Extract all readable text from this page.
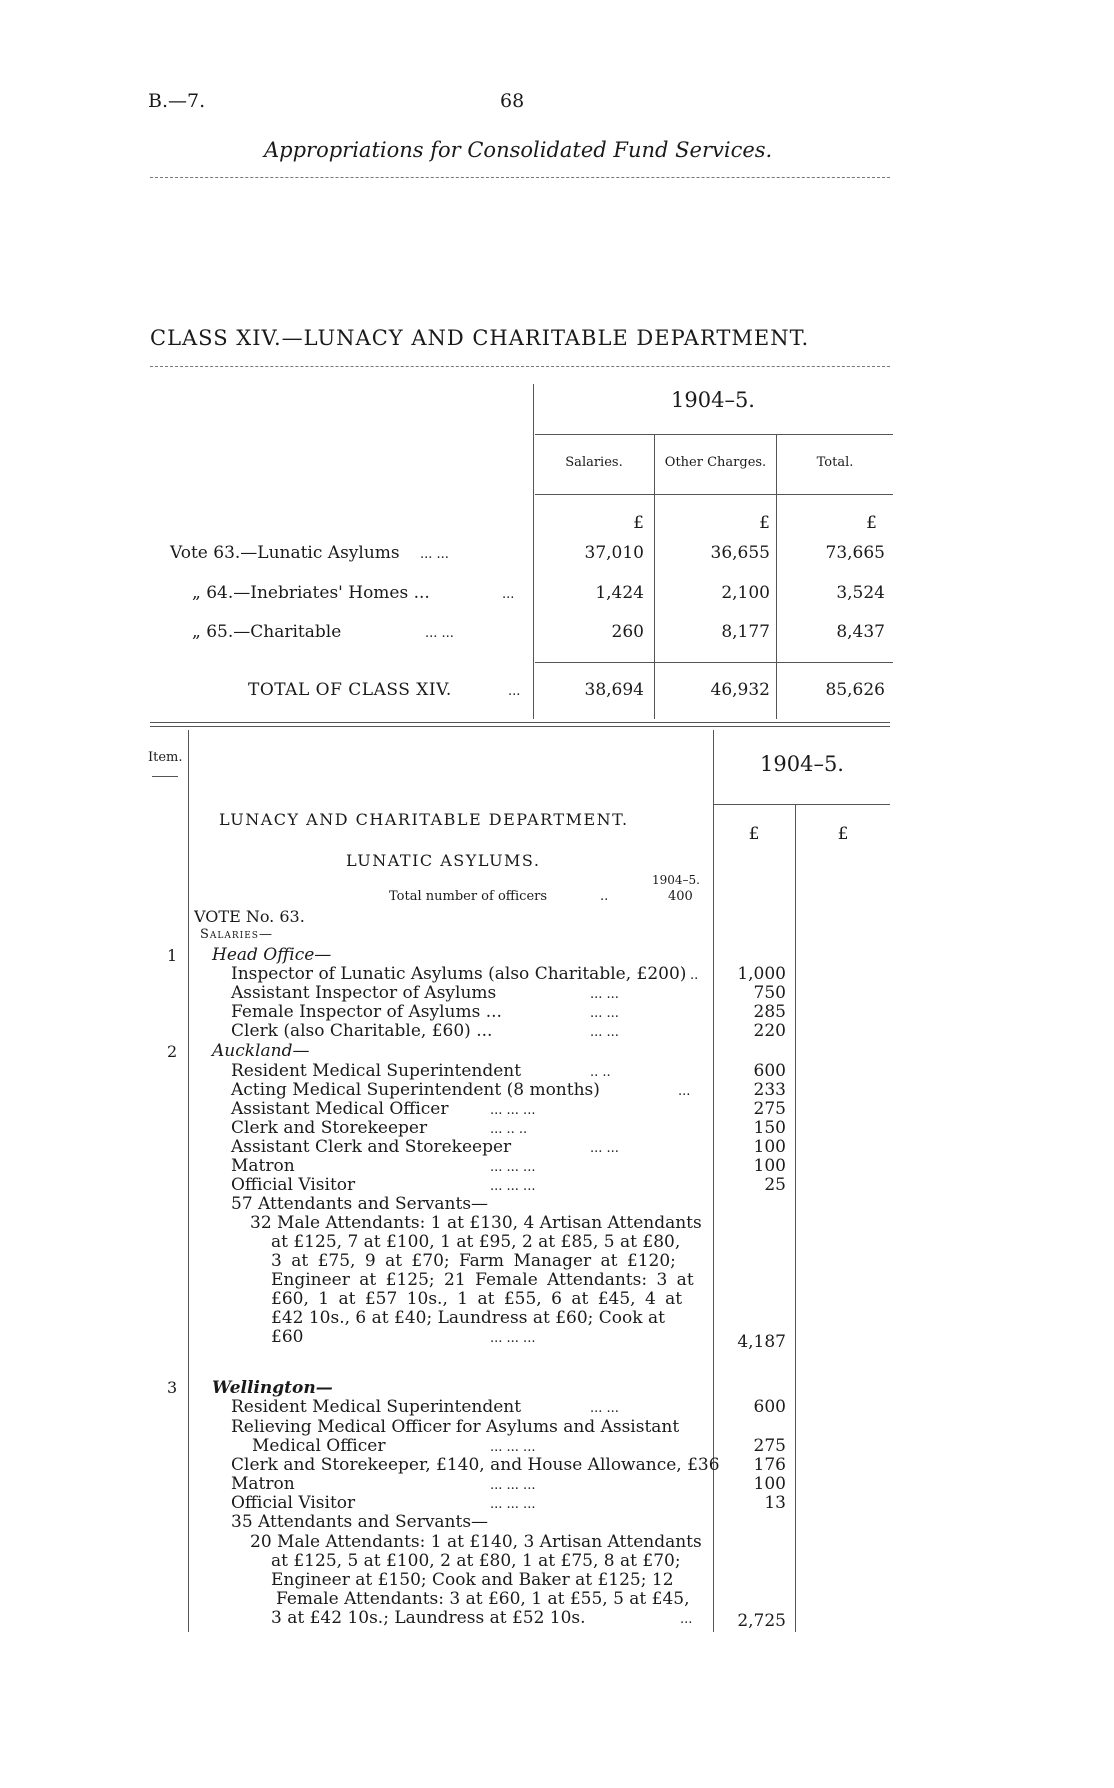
B.—7.	68
Appropriations for Consolidated Fund Services.
CLASS XIV.—LUNACY AND CHARITABLE DEPARTMENT.
1904–5.
Salaries.	Other Charges.	Total.
£	£	£
Vote 63.—Lunatic Asylums ... ...	37,010	36,655	73,665
„ 64.—Inebriates' Homes ...	...	1,424	2,100	3,524
„ 65.—Charitable	... ...	260	8,177	8,437
TOTAL OF CLASS XIV.	...	38,694	46,932	85,626
Item.	1904–5.
£	£
LUNACY AND CHARITABLE DEPARTMENT.
LUNATIC ASYLUMS.
1904–5.
Total number of officers	..	400
VOTE No. 63.
Salaries—
1 Head Office—
Inspector of Lunatic Asylums (also Charitable, £200) ..	1,000
Assistant Inspector of Asylums	... ...	750
Female Inspector of Asylums ...	... ...	285
Clerk (also Charitable, £60) ...	... ...	220
2 Auckland—
Resident Medical Superintendent	.. ..	600
Acting Medical Superintendent (8 months)	...	233
Assistant Medical Officer	... ... ...	275
Clerk and Storekeeper	... .. ..	150
Assistant Clerk and Storekeeper	... ...	100
Matron	... ... ...	100
Official Visitor	... ... ...	25
57 Attendants and Servants—
32 Male Attendants: 1 at £130, 4 Artisan Attendants
at £125, 7 at £100, 1 at £95, 2 at £85, 5 at £80,
3 at £75, 9 at £70; Farm Manager at £120;
Engineer at £125; 21 Female Attendants: 3 at
£60, 1 at £57 10s., 1 at £55, 6 at £45, 4 at
£42 10s., 6 at £40; Laundress at £60; Cook at
£60	... ... ...	4,187
3 Wellington—
Resident Medical Superintendent	... ...	600
Relieving Medical Officer for Asylums and Assistant
Medical Officer	... ... ...	275
Clerk and Storekeeper, £140, and House Allowance, £36	176
Matron	... ... ...	100
Official Visitor	... ... ...	13
35 Attendants and Servants—
20 Male Attendants: 1 at £140, 3 Artisan Attendants
at £125, 5 at £100, 2 at £80, 1 at £75, 8 at £70;
Engineer at £150; Cook and Baker at £125; 12
Female Attendants: 3 at £60, 1 at £55, 5 at £45,
3 at £42 10s.; Laundress at £52 10s.	...	2,725
